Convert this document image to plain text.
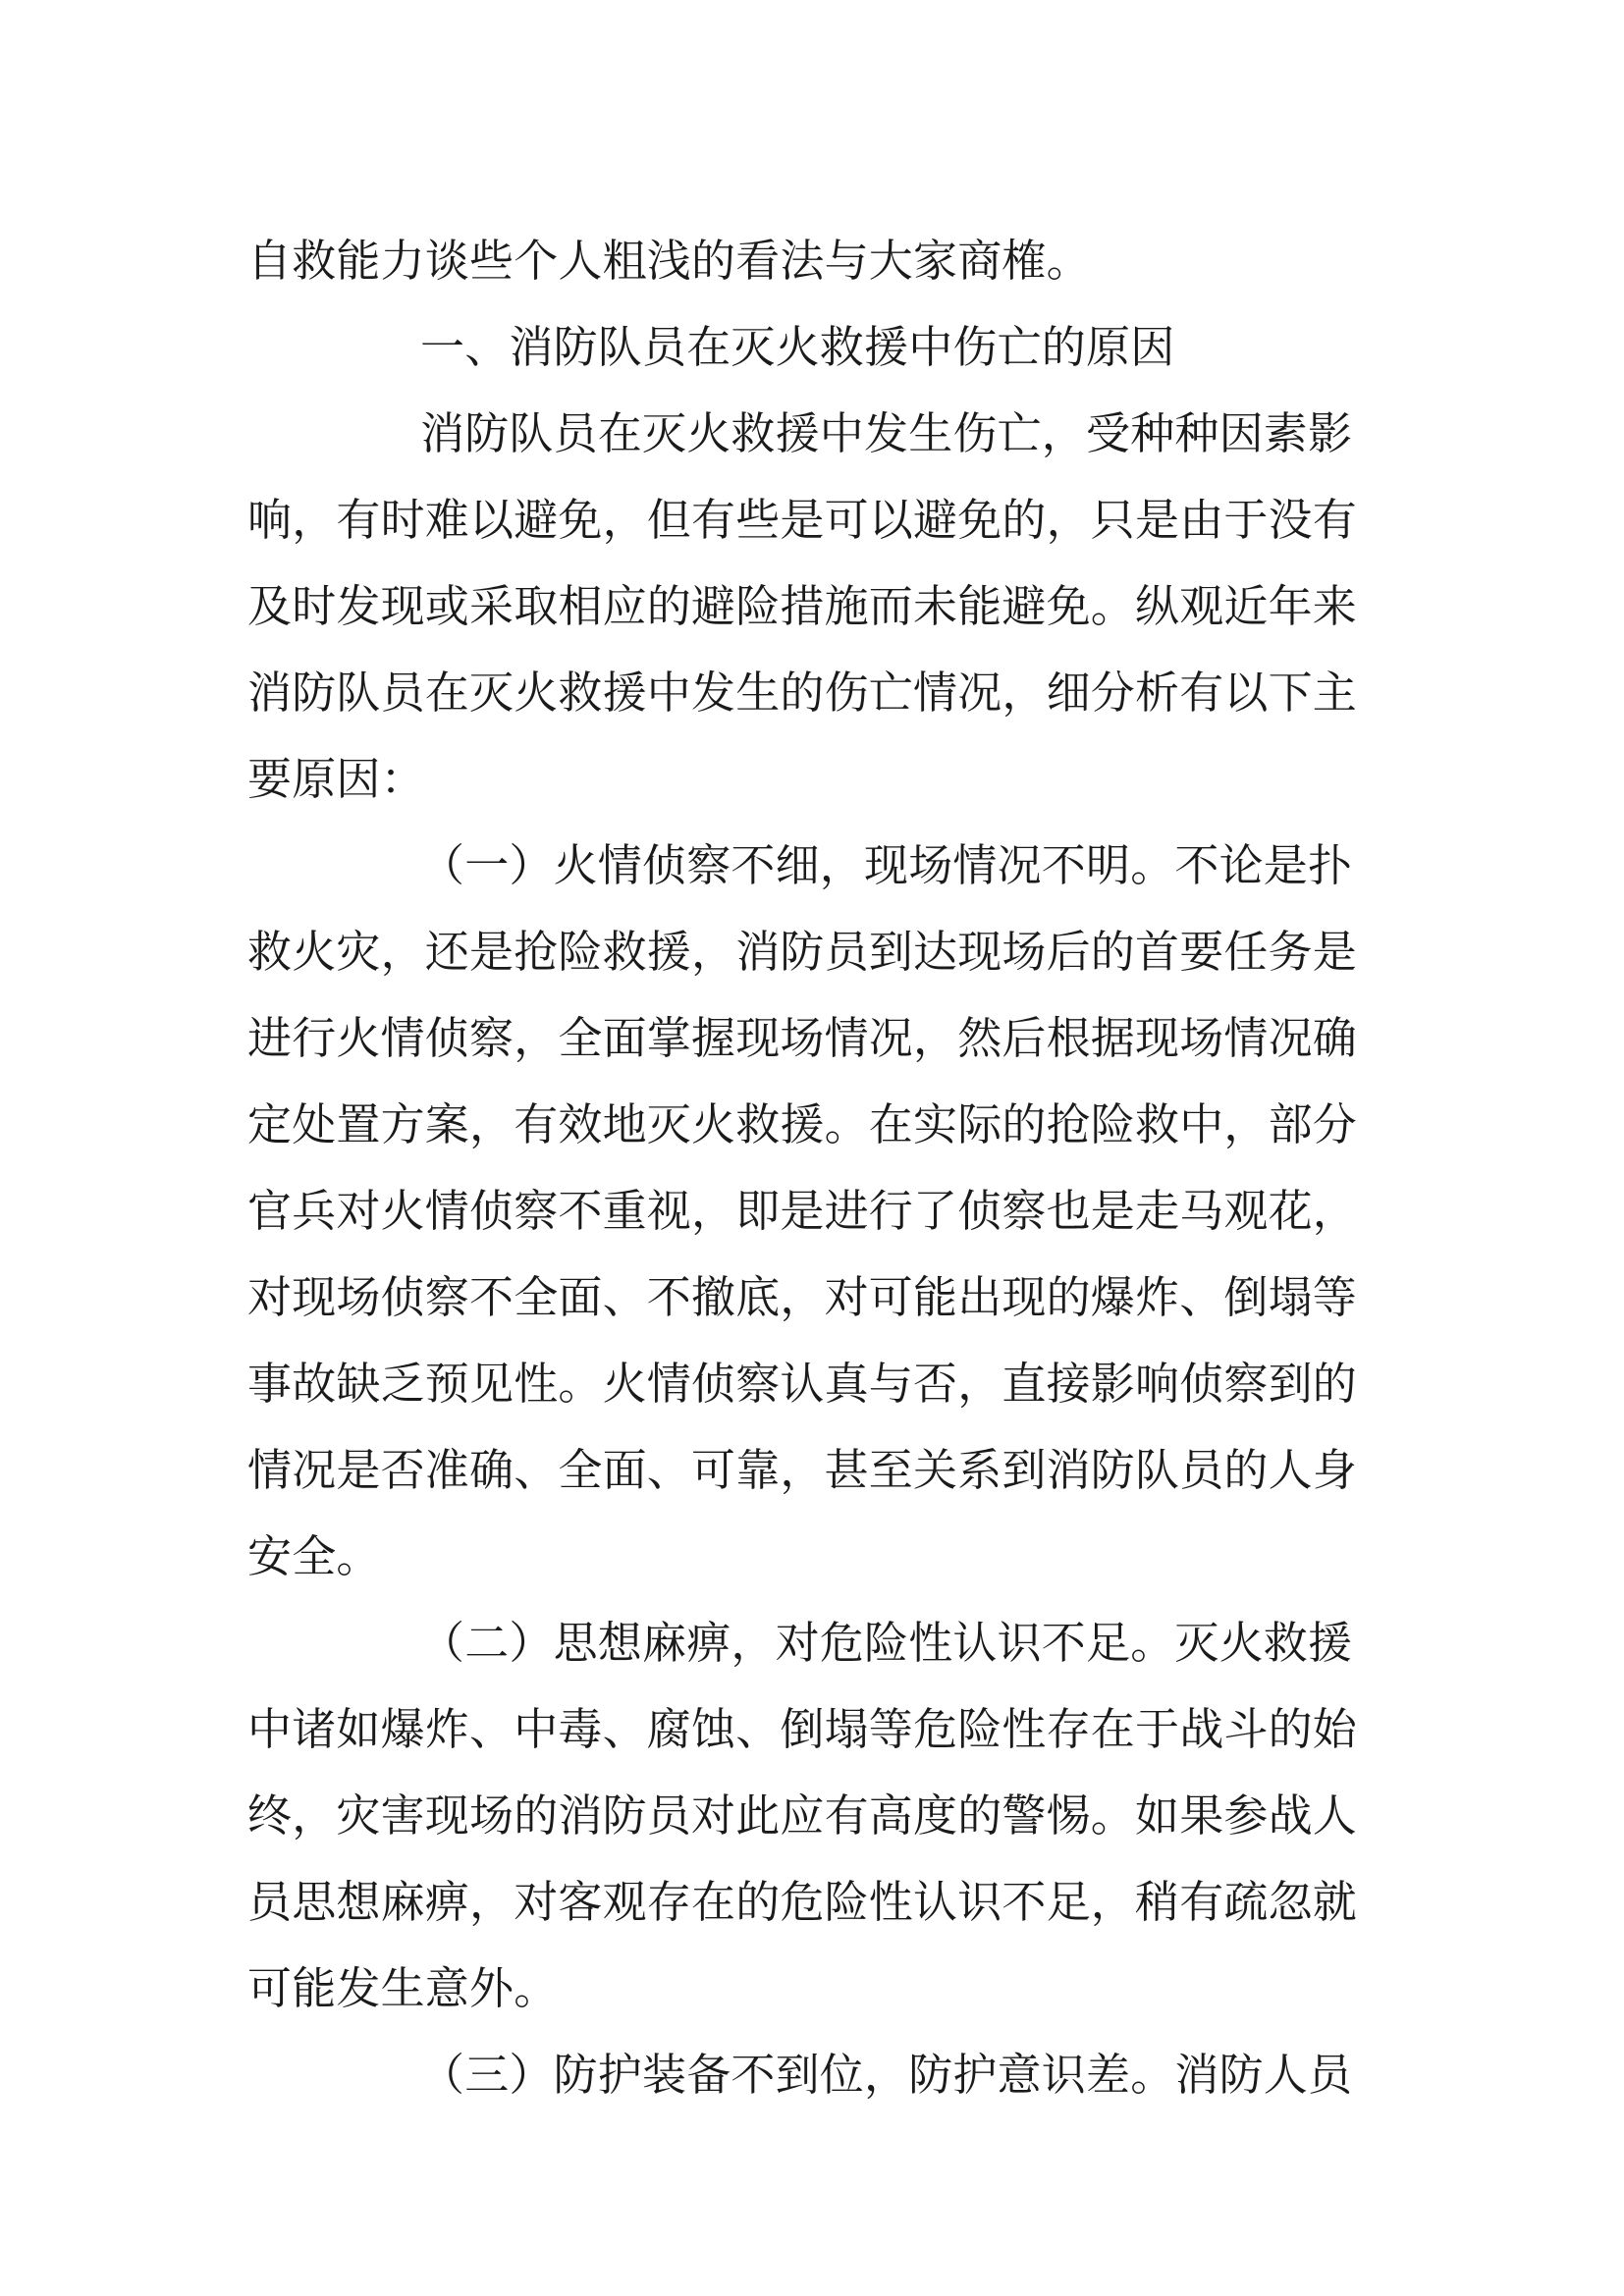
自救能力谈些个人粗浅的看法与大家商榷。
一、消防队员在灭火救援中伤亡的原因
消防队员在灭火救援中发生伤亡，受种种因素影
响，有时难以避免，但有些是可以避免的，只是由于没有
及时发现或采取相应的避险措施而未能避免。纵观近年来
消防队员在灭火救援中发生的伤亡情况，细分析有以下主
要原因：
（一）火情侦察不细，现场情况不明。不论是扑
救火灾，还是抢险救援，消防员到达现场后的首要任务是
进行火情侦察，全面掌握现场情况，然后根据现场情况确
定处置方案，有效地灭火救援。在实际的抢险救中，部分
官兵对火情侦察不重视，即是进行了侦察也是走马观花，
对现场侦察不全面、不撤底，对可能出现的爆炸、倒塌等
事故缺乏预见性。火情侦察认真与否，直接影响侦察到的
情况是否准确、全面、可靠，甚至关系到消防队员的人身
安全。
（二）思想麻痹，对危险性认识不足。灭火救援
中诸如爆炸、中毒、腐蚀、倒塌等危险性存在于战斗的始
终，灾害现场的消防员对此应有高度的警惕。如果参战人
员思想麻痹，对客观存在的危险性认识不足，稍有疏忽就
可能发生意外。
（三）防护装备不到位，防护意识差。消防人员
